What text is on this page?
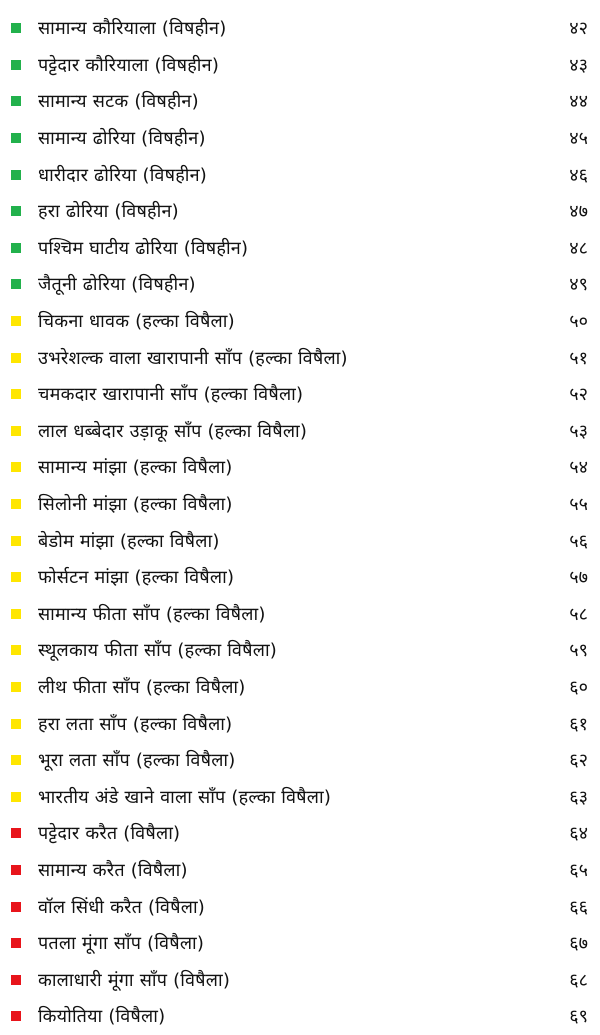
सामान्य कौरियाला (विषहीन)	४२
पट्टेदार कौरियाला (विषहीन)	४३
सामान्य सटक (विषहीन)	४४
सामान्य ढोरिया (विषहीन)	४५
धारीदार ढोरिया (विषहीन)	४६
हरा ढोरिया (विषहीन)	४७
पश्चिम घाटीय ढोरिया (विषहीन)	४८
जैतूनी ढोरिया (विषहीन)	४९
चिकना धावक (हल्का विषैला)	५०
उभरेशल्क वाला खारापानी साँप (हल्का विषैला)	५१
चमकदार खारापानी साँप (हल्का विषैला)	५२
लाल धब्बेदार उड़ाकू साँप (हल्का विषैला)	५३
सामान्य मांझा (हल्का विषैला)	५४
सिलोनी मांझा (हल्का विषैला)	५५
बेडोम मांझा (हल्का विषैला)	५६
फोर्सटन मांझा (हल्का विषैला)	५७
सामान्य फीता साँप (हल्का विषैला)	५८
स्थूलकाय फीता साँप (हल्का विषैला)	५९
लीथ फीता साँप (हल्का विषैला)	६०
हरा लता साँप (हल्का विषैला)	६१
भूरा लता साँप (हल्का विषैला)	६२
भारतीय अंडे खाने वाला साँप (हल्का विषैला)	६३
पट्टेदार करैत (विषैला)	६४
सामान्य करैत (विषैला)	६५
वॉल सिंधी करैत (विषैला)	६६
पतला मूंगा साँप (विषैला)	६७
कालाधारी मूंगा साँप (विषैला)	६८
कियोतिया (विषैला)	६९
